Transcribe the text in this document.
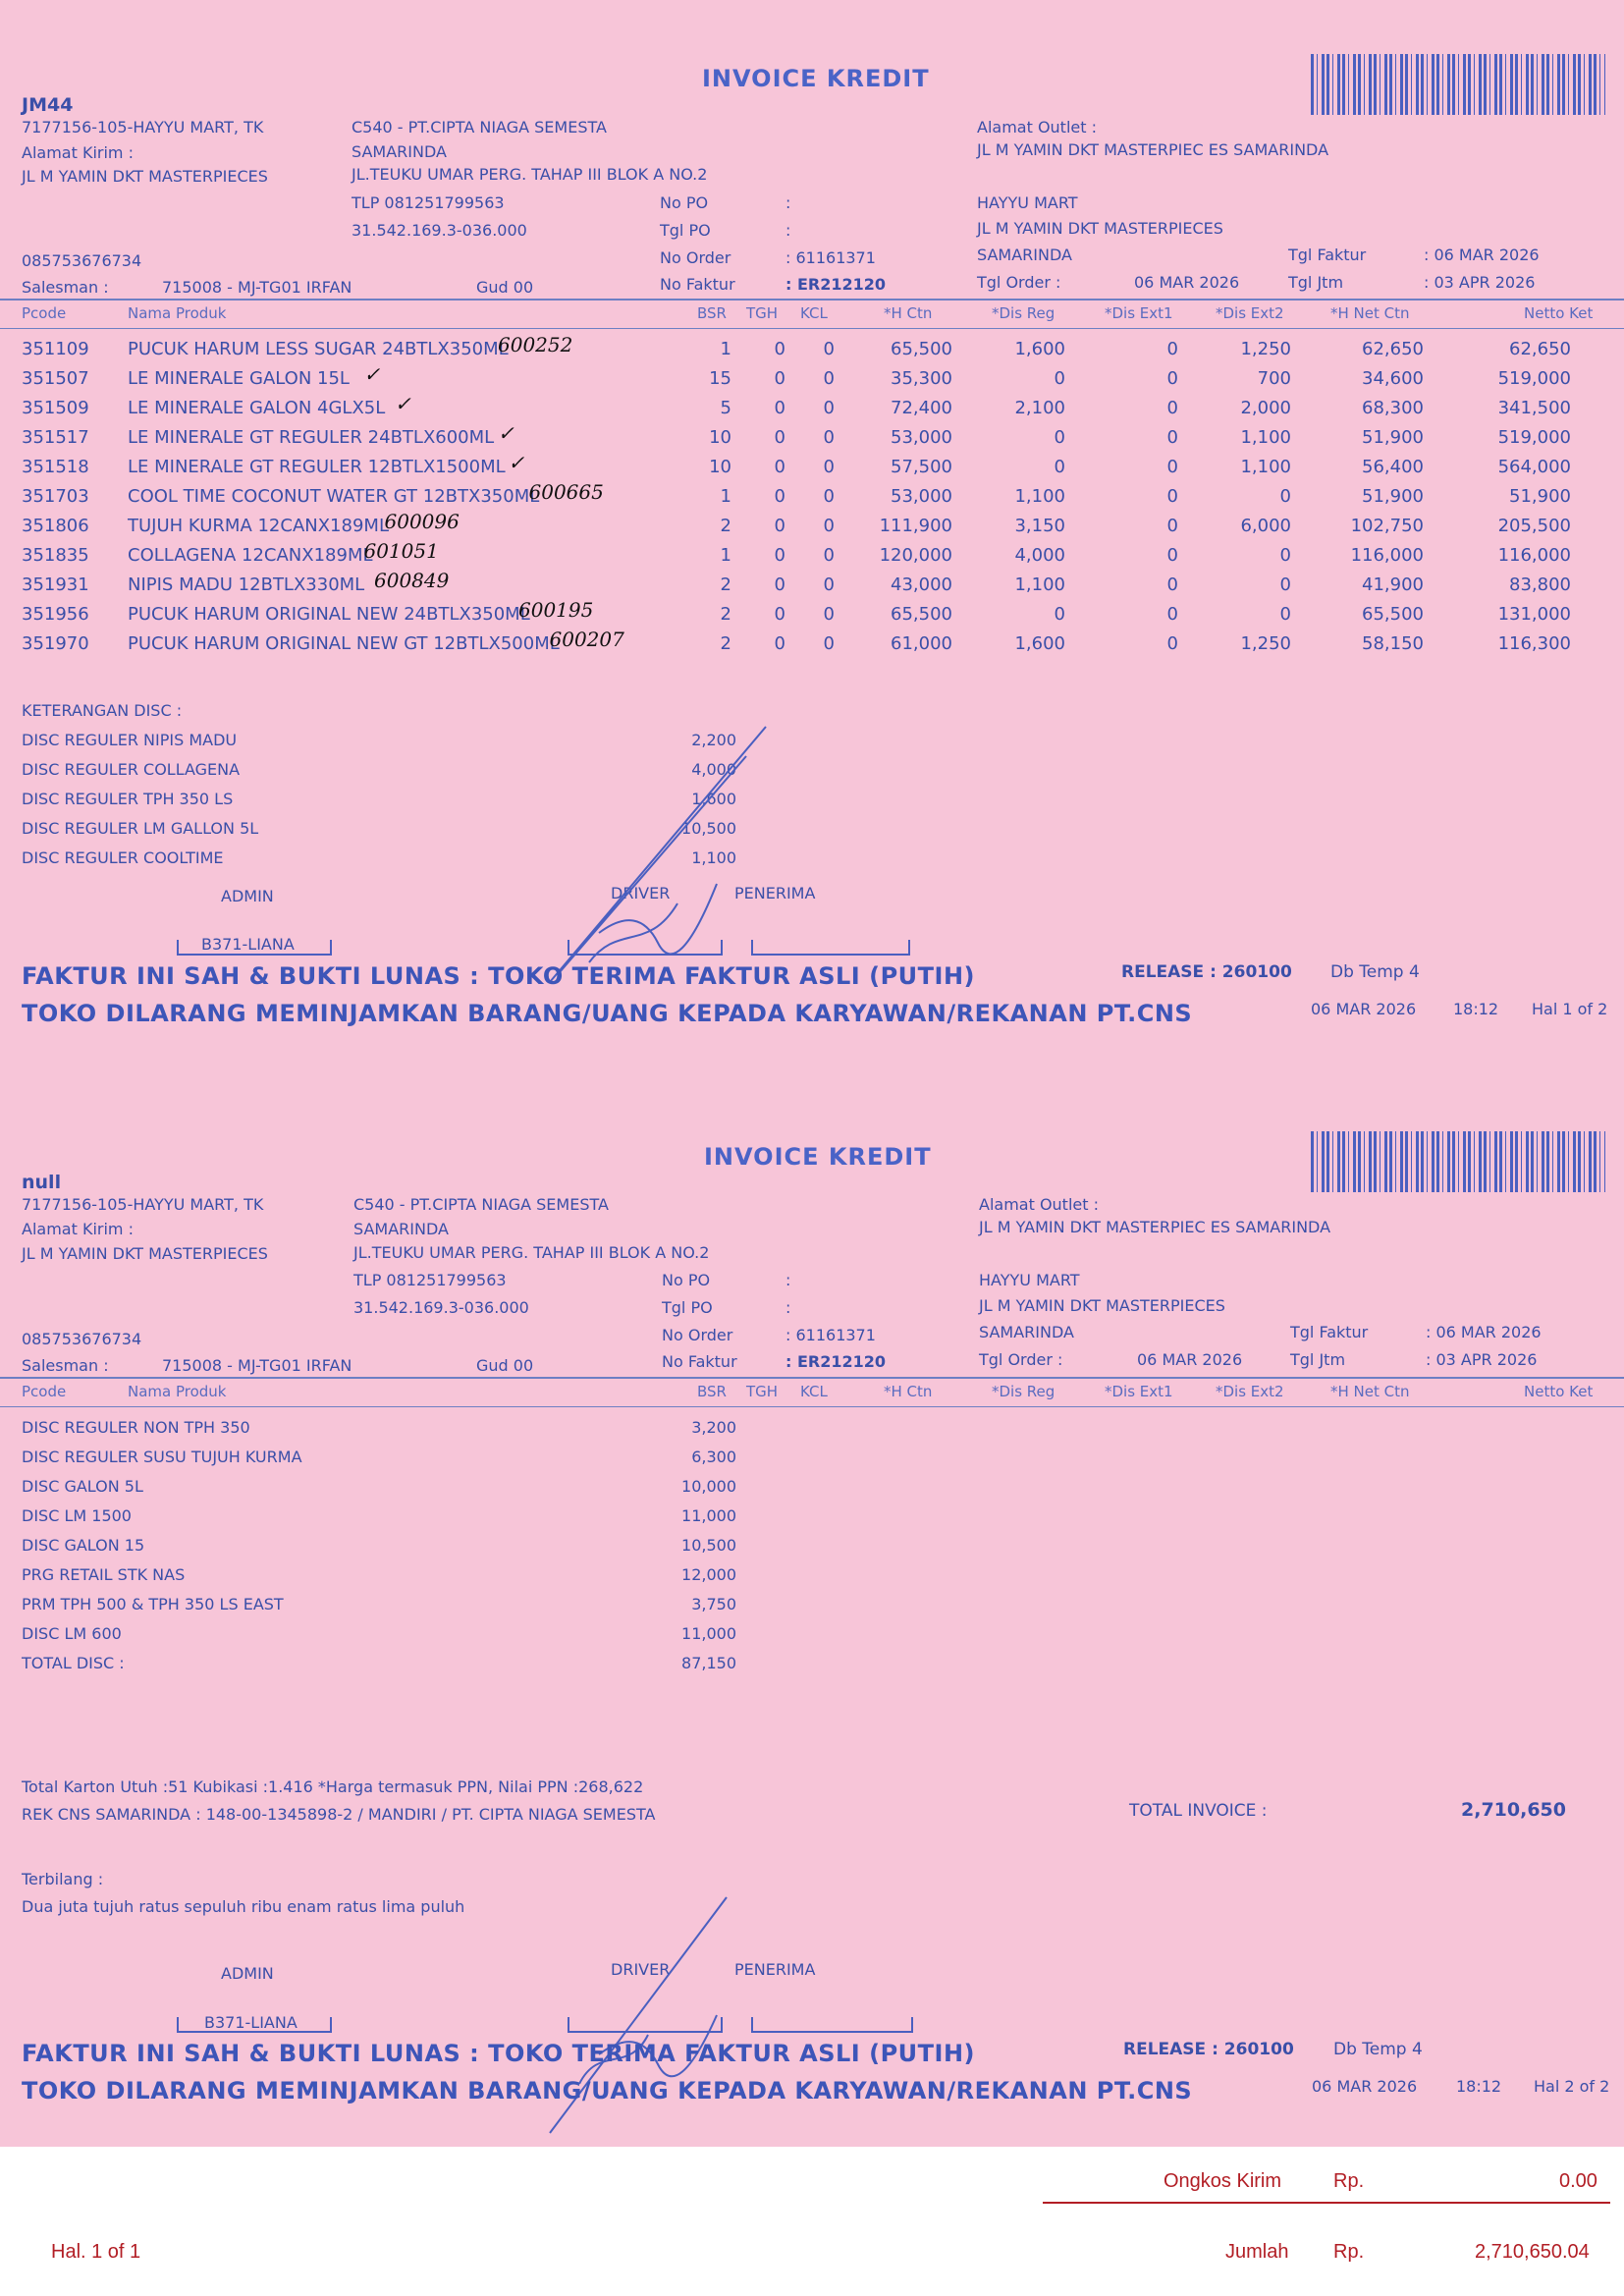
INVOICE KREDIT
JM44
7177156-105-HAYYU MART, TK
Alamat Kirim :
JL M YAMIN DKT MASTERPIECES
085753676734
Salesman :	715008 - MJ-TG01 IRFAN	Gud 00
C540 - PT.CIPTA NIAGA SEMESTA
SAMARINDA
JL.TEUKU UMAR PERG. TAHAP III BLOK A NO.2
TLP 081251799563
31.542.169.3-036.000
No PO	:
Tgl PO	:
No Order	: 61161371
No Faktur	: ER212120
Alamat Outlet :
JL M YAMIN DKT MASTERPIEC ES SAMARINDA
HAYYU MART
JL M YAMIN DKT MASTERPIECES
SAMARINDA
Tgl Order :	06 MAR 2026
Tgl Faktur	: 06 MAR 2026
Tgl Jtm	: 03 APR 2026
Pcode	Nama Produk	BSR TGH KCL	*H Ctn	*Dis Reg	*Dis Ext1	*Dis Ext2	*H Net Ctn	Netto Ket
351109	PUCUK HARUM LESS SUGAR 24BTLX350ML	1	0	0	65,500	1,600	0	1,250	62,650	62,650
600252
351507	LE MINERALE GALON 15L	15	0	0	35,300	0	0	700	34,600	519,000
✓
351509	LE MINERALE GALON 4GLX5L	5	0	0	72,400	2,100	0	2,000	68,300	341,500
✓
351517	LE MINERALE GT REGULER 24BTLX600ML	10	0	0	53,000	0	0	1,100	51,900	519,000
✓
351518	LE MINERALE GT REGULER 12BTLX1500ML	10	0	0	57,500	0	0	1,100	56,400	564,000
✓
351703	COOL TIME COCONUT WATER GT 12BTX350ML	1	0	0	53,000	1,100	0	0	51,900	51,900
600665
351806	TUJUH KURMA 12CANX189ML	2	0	0	111,900	3,150	0	6,000	102,750	205,500
600096
351835	COLLAGENA 12CANX189ML	1	0	0	120,000	4,000	0	0	116,000	116,000
601051
351931	NIPIS MADU 12BTLX330ML	2	0	0	43,000	1,100	0	0	41,900	83,800
600849
351956	PUCUK HARUM ORIGINAL NEW 24BTLX350ML	2	0	0	65,500	0	0	0	65,500	131,000
600195
351970	PUCUK HARUM ORIGINAL NEW GT 12BTLX500ML	2	0	0	61,000	1,600	0	1,250	58,150	116,300
600207
KETERANGAN DISC :
DISC REGULER NIPIS MADU	2,200
DISC REGULER COLLAGENA	4,000
DISC REGULER TPH 350 LS	1,600
DISC REGULER LM GALLON 5L	10,500
DISC REGULER COOLTIME	1,100
ADMIN	DRIVER	PENERIMA
B371-LIANA
FAKTUR INI SAH & BUKTI LUNAS : TOKO TERIMA FAKTUR ASLI (PUTIH)
TOKO DILARANG MEMINJAMKAN BARANG/UANG KEPADA KARYAWAN/REKANAN PT.CNS
RELEASE : 260100 Db Temp 4
06 MAR 2026 18:12 Hal 1 of 2
INVOICE KREDIT
null
7177156-105-HAYYU MART, TK
Alamat Kirim :
JL M YAMIN DKT MASTERPIECES
085753676734
Salesman :	715008 - MJ-TG01 IRFAN	Gud 00
C540 - PT.CIPTA NIAGA SEMESTA
SAMARINDA
JL.TEUKU UMAR PERG. TAHAP III BLOK A NO.2
TLP 081251799563
31.542.169.3-036.000
No PO	:
Tgl PO	:
No Order	: 61161371
No Faktur	: ER212120
Alamat Outlet :
JL M YAMIN DKT MASTERPIEC ES SAMARINDA
HAYYU MART
JL M YAMIN DKT MASTERPIECES
SAMARINDA
Tgl Order :	06 MAR 2026
Tgl Faktur	: 06 MAR 2026
Tgl Jtm	: 03 APR 2026
Pcode	Nama Produk	BSR TGH KCL	*H Ctn	*Dis Reg	*Dis Ext1	*Dis Ext2	*H Net Ctn	Netto Ket
DISC REGULER NON TPH 350	3,200
DISC REGULER SUSU TUJUH KURMA	6,300
DISC GALON 5L	10,000
DISC LM 1500	11,000
DISC GALON 15	10,500
PRG RETAIL STK NAS	12,000
PRM TPH 500 & TPH 350 LS EAST	3,750
DISC LM 600	11,000
TOTAL DISC :	87,150
Total Karton Utuh :51 Kubikasi :1.416 *Harga termasuk PPN, Nilai PPN :268,622
REK CNS SAMARINDA : 148-00-1345898-2 / MANDIRI / PT. CIPTA NIAGA SEMESTA	TOTAL INVOICE :	2,710,650
Terbilang :
Dua juta tujuh ratus sepuluh ribu enam ratus lima puluh
ADMIN	DRIVER	PENERIMA
B371-LIANA
FAKTUR INI SAH & BUKTI LUNAS : TOKO TERIMA FAKTUR ASLI (PUTIH)
TOKO DILARANG MEMINJAMKAN BARANG/UANG KEPADA KARYAWAN/REKANAN PT.CNS
RELEASE : 260100 Db Temp 4
06 MAR 2026 18:12 Hal 2 of 2
Ongkos Kirim	Rp.	0.00
Hal. 1 of 1	Jumlah Rp.	2,710,650.04
